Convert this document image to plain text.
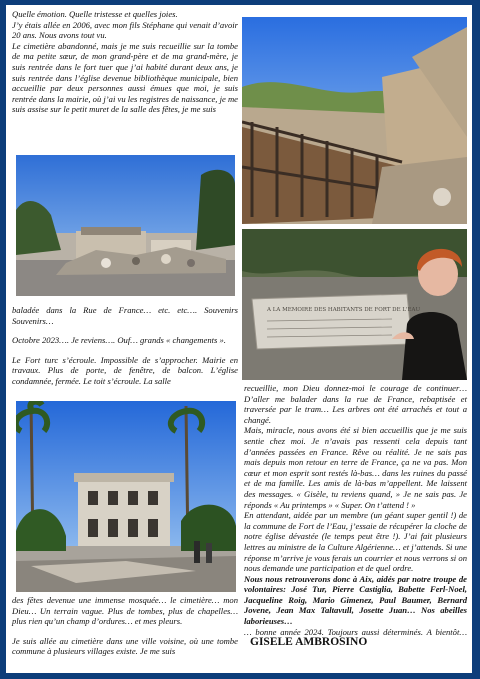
Quelle émotion. Quelle tristesse et quelles joies.

J’y étais allée en 2006, avec mon fils Stéphane qui venait d’avoir 20 ans. Nous avons tout vu.

Le cimetière abandonné, mais je me suis recueillie sur la tombe de ma petite sœur, de mon grand-père et de ma grand-mère, je suis rentrée dans le fort tuer que j’ai habité durant deux ans, je suis rentrée dans l’église devenue bibliothèque municipale, bien accueillie par deux personnes aussi émues que moi, je suis rentrée dans la mairie, où j’ai vu les registres de naissance, je me suis assise sur le petit muret de la salle des fêtes, je me suis

A LA MEMOIRE DES HABITANTS DE FORT DE L'EAU

baladée dans la Rue de France… etc. etc…. Souvenirs Souvenirs…

Octobre 2023…. Je reviens…. Ouf… grands « changements ».

Le Fort turc s’écroule. Impossible de s’approcher. Mairie en travaux. Plus de porte, de fenêtre, de balcon. L’église condamnée, fermée. Le toit s’écroule. La salle

des fêtes devenue une immense mosquée… le cimetière… mon Dieu… Un terrain vague. Plus de tombes, plus de chapelles… plus rien qu’un champ d’ordures… et mes pleurs.

Je suis allée au cimetière dans une ville voisine, où une tombe commune à plusieurs villages existe. Je me suis

recueillie, mon Dieu donnez-moi le courage de continuer… D’aller me balader dans la rue de France, rebaptisée et traversée par le tram… Les arbres ont été arrachés et tout a changé.

Mais, miracle, nous avons été si bien accueillis que je me suis sentie chez moi. Je n’avais pas ressenti cela depuis tant d’années passées en France. Rêve ou réalité. Je ne sais pas mais depuis mon retour en terre de France, ça ne va pas. Mon cœur et mon esprit sont restés là-bas… dans les ruines du passé et de ma famille. Les amis de là-bas m’appellent. Me laissent des messages. « Gisèle, tu reviens quand, » Je ne sais pas. Je réponds « Au printemps » « Super. On t’attend ! »

En attendant, aidée par un membre (un géant super gentil !) de la commune de Fort de l’Eau, j’essaie de récupérer la cloche de notre église dévastée (le temps peut être !). J’ai fait plusieurs lettres au ministre de la Culture Algérienne… et j’attends. Si une réponse m’arrive je vous ferais un courrier et nous verrons si on nous demande une participation et de quel ordre.

Nous nous retrouverons donc à Aix, aidés par notre troupe de volontaires: José Tur, Pierre Castiglia, Babette Ferl-Noel, Jacqueline Roig, Mario Gimenez, Paul Baumer, Bernard Jovene, Jean Max Taltavull, Josette Juan… Nos abeilles laborieuses…

… bonne année 2024. Toujours aussi déterminés. A bientôt… GISELE AMBROSINO
